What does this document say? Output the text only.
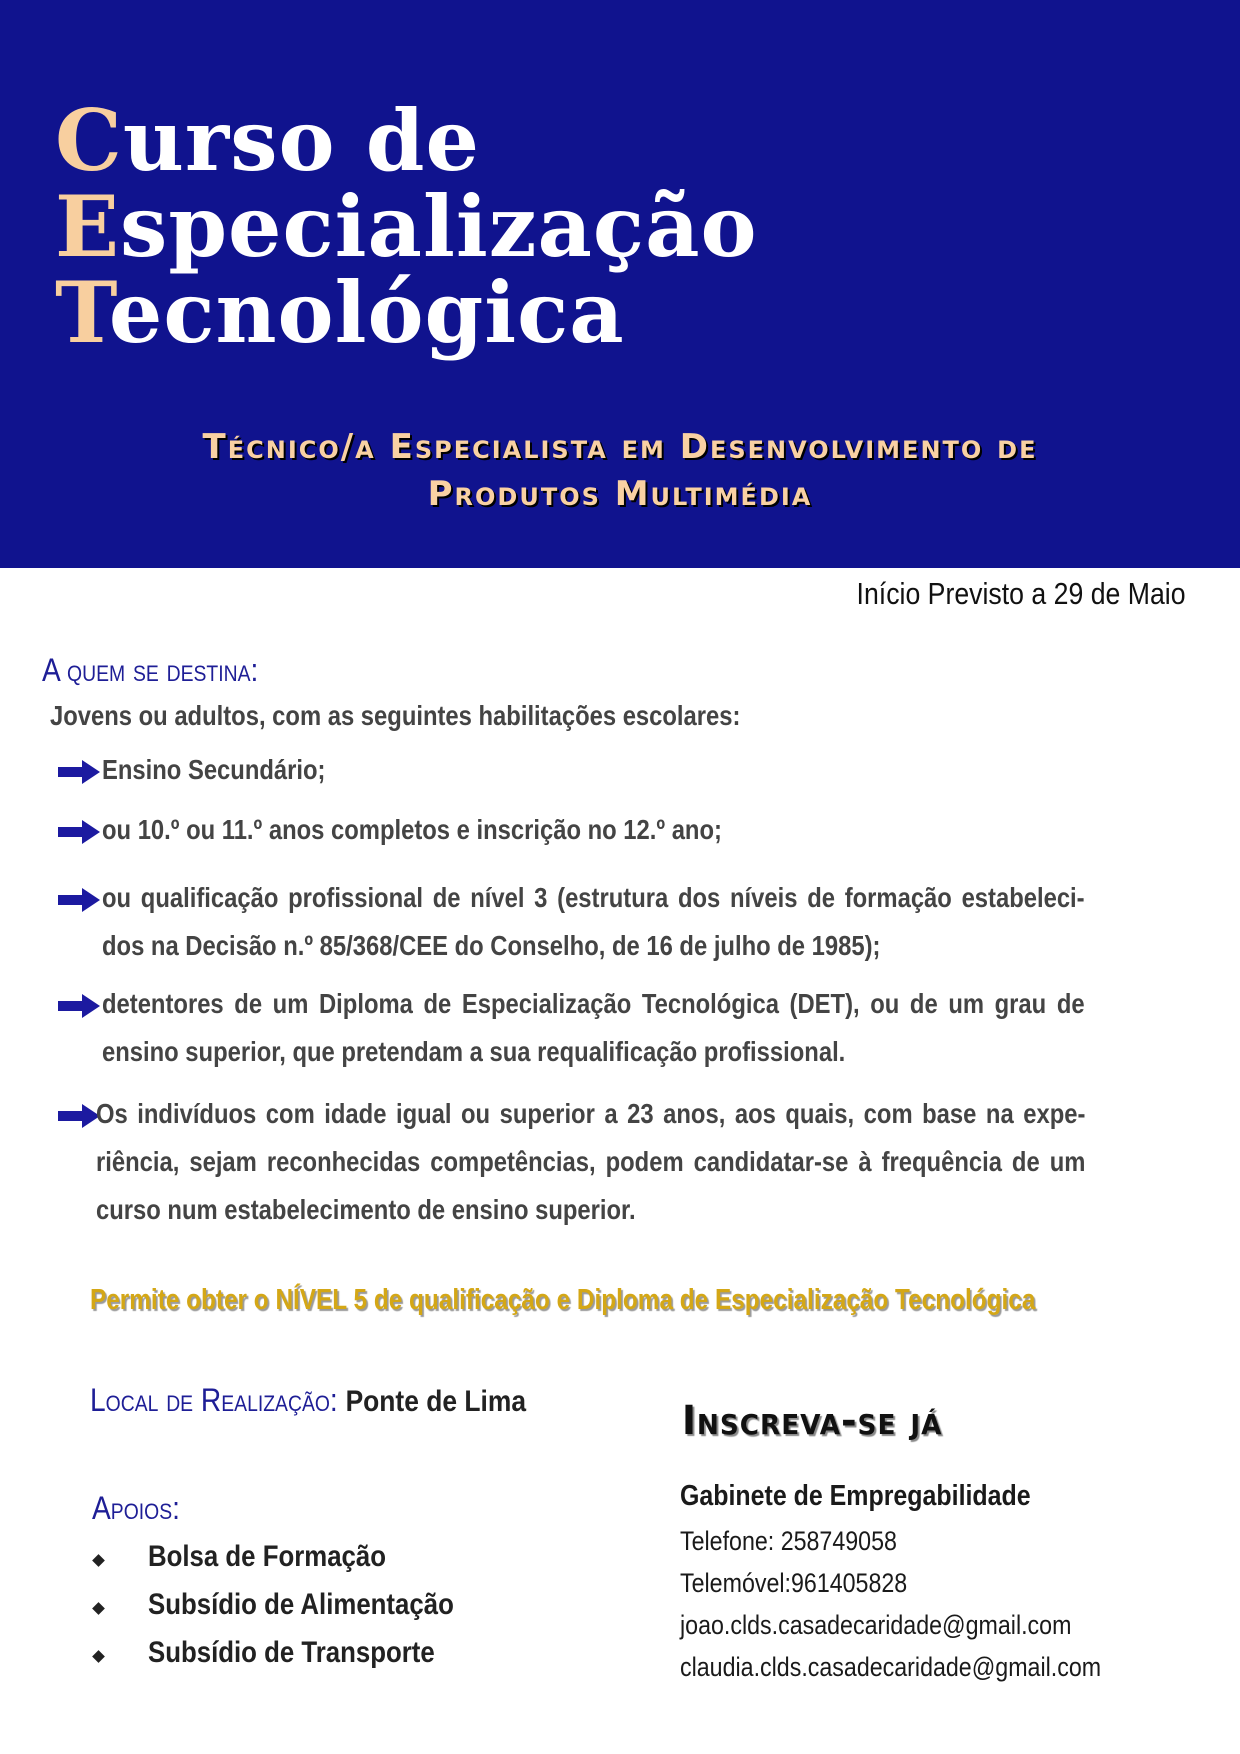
Curso de
Especialização
Tecnológica
Técnico/a Especialista em Desenvolvimento de
Produtos Multimédia
Início Previsto a 29 de Maio
A quem se destina:
Jovens ou adultos, com as seguintes habilitações escolares:
Ensino Secundário;
ou 10.º ou 11.º anos completos e inscrição no 12.º ano;
ou qualificação profissional de nível 3 (estrutura dos níveis de formação estabeleci-dos na Decisão n.º 85/368/CEE do Conselho, de 16 de julho de 1985);
detentores de um Diploma de Especialização Tecnológica (DET), ou de um grau de ensino superior, que pretendam a sua requalificação profissional.
Os indivíduos com idade igual ou superior a 23 anos, aos quais, com base na expe-riência, sejam reconhecidas competências, podem candidatar-se à frequência de um curso num estabelecimento de ensino superior.
Permite obter o NÍVEL 5 de qualificação e Diploma de Especialização Tecnológica
Local de Realização: Ponte de Lima
Apoios:
Bolsa de Formação
Subsídio de Alimentação
Subsídio de Transporte
Inscreva-se já
Gabinete de Empregabilidade
Telefone: 258749058
Telemóvel:961405828
joao.clds.casadecaridade@gmail.com
claudia.clds.casadecaridade@gmail.com
